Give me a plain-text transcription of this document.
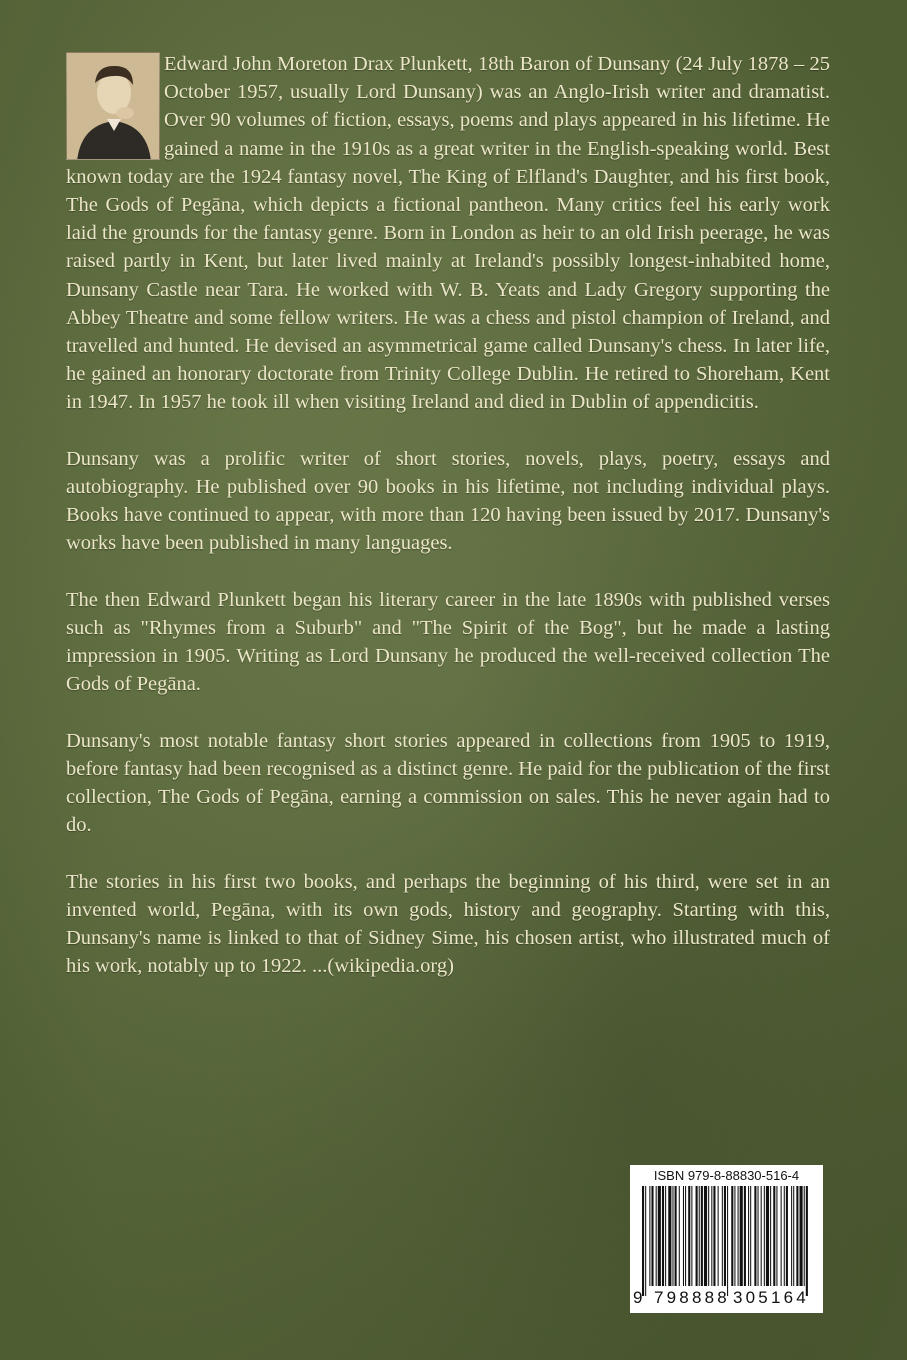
Edward John Moreton Drax Plunkett, 18th Baron of Dunsany (24 July 1878 – 25 October 1957, usually Lord Dunsany) was an Anglo-Irish writer and dramatist. Over 90 volumes of fiction, essays, poems and plays appeared in his lifetime. He gained a name in the 1910s as a great writer in the English-speaking world. Best known today are the 1924 fantasy novel, The King of Elfland's Daughter, and his first book, The Gods of Pegāna, which depicts a fictional pantheon. Many critics feel his early work laid the grounds for the fantasy genre. Born in London as heir to an old Irish peerage, he was raised partly in Kent, but later lived mainly at Ireland's possibly longest-inhabited home, Dunsany Castle near Tara. He worked with W. B. Yeats and Lady Gregory supporting the Abbey Theatre and some fellow writers. He was a chess and pistol champion of Ireland, and travelled and hunted. He devised an asymmetrical game called Dunsany's chess. In later life, he gained an honorary doctorate from Trinity College Dublin. He retired to Shoreham, Kent in 1947. In 1957 he took ill when visiting Ireland and died in Dublin of appendicitis.

Dunsany was a prolific writer of short stories, novels, plays, poetry, essays and autobiography. He published over 90 books in his lifetime, not including individual plays. Books have continued to appear, with more than 120 having been issued by 2017. Dunsany's works have been published in many languages.

The then Edward Plunkett began his literary career in the late 1890s with published verses such as "Rhymes from a Suburb" and "The Spirit of the Bog", but he made a lasting impression in 1905. Writing as Lord Dunsany he produced the well-received collection The Gods of Pegāna.

Dunsany's most notable fantasy short stories appeared in collections from 1905 to 1919, before fantasy had been recognised as a distinct genre. He paid for the publication of the first collection, The Gods of Pegāna, earning a commission on sales. This he never again had to do.

The stories in his first two books, and perhaps the beginning of his third, were set in an invented world, Pegāna, with its own gods, history and geography. Starting with this, Dunsany's name is linked to that of Sidney Sime, his chosen artist, who illustrated much of his work, notably up to 1922. ...(wikipedia.org)

ISBN 979-8-88830-516-4
9 798888 305164
